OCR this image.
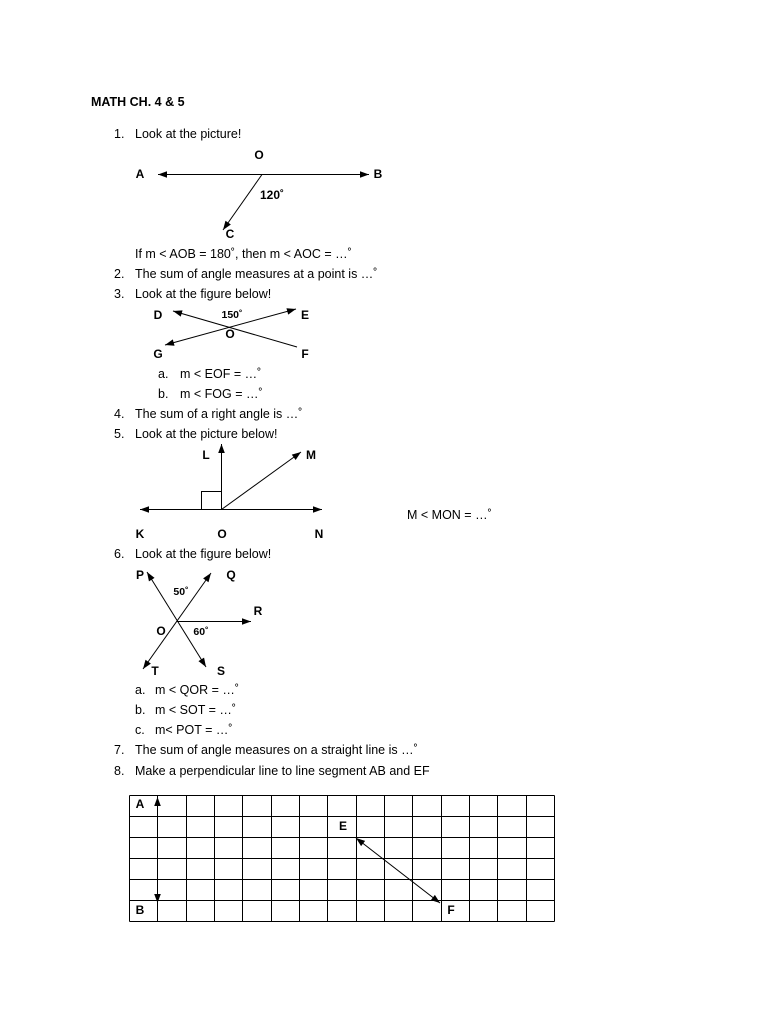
MATH CH. 4 & 5
1. Look at the picture!
If m < AOB = 180˚, then m < AOC = …˚
2. The sum of angle measures at a point is …˚
3. Look at the figure below!
a. m < EOF = …˚
b. m < FOG = …˚
4. The sum of a right angle is …˚
5. Look at the picture below!
M < MON = …˚
6. Look at the figure below!
a. m < QOR = …˚
b. m < SOT = …˚
c. m< POT = …˚
7. The sum of angle measures on a straight line is …˚
8. Make a perpendicular line to line segment AB and EF
O
A	B
120˚
C
D	150˚	E
O
G	F
L	M
K	O	N
P	Q
50˚
R
O	60˚
T	S
A
B
E
F
